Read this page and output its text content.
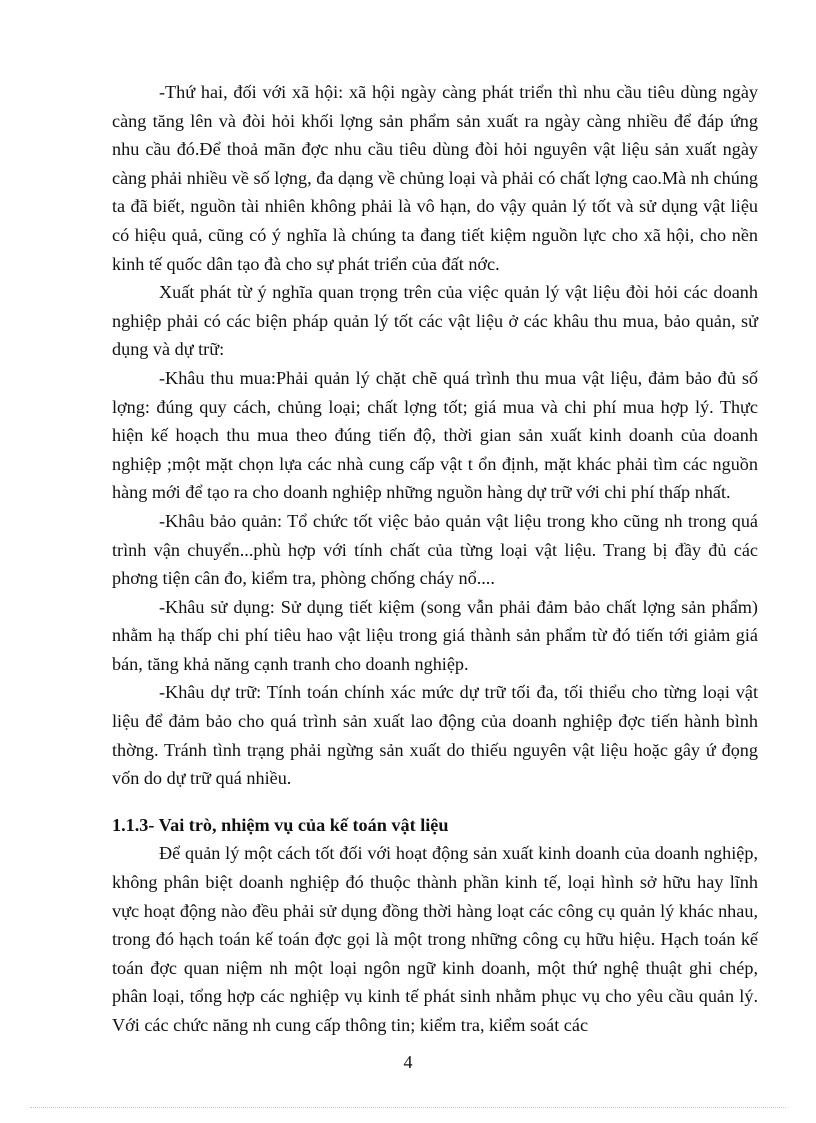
-Thứ hai, đối với xã hội: xã hội ngày càng phát triển thì nhu cầu tiêu dùng ngày càng tăng lên và đòi hỏi khối lợng sản phẩm sản xuất ra ngày càng nhiều để đáp ứng nhu cầu đó.Để thoả mãn đợc nhu cầu tiêu dùng đòi hỏi nguyên vật liệu sản xuất ngày càng phải nhiều về số lợng, đa dạng về chủng loại và phải có chất lợng cao.Mà nh chúng ta đã biết, nguồn tài nhiên không phải là vô hạn, do vậy quản lý tốt và sử dụng vật liệu có hiệu quả, cũng có ý nghĩa là chúng ta đang tiết kiệm nguồn lực cho xã hội, cho nền kinh tế quốc dân tạo đà cho sự phát triển của đất nớc.

Xuất phát từ ý nghĩa quan trọng trên của việc quản lý vật liệu đòi hỏi các doanh nghiệp phải có các biện pháp quản lý tốt các vật liệu ở các khâu thu mua, bảo quản, sử dụng và dự trữ:

-Khâu thu mua:Phải quản lý chặt chẽ quá trình thu mua vật liệu, đảm bảo đủ số lợng: đúng quy cách, chủng loại; chất lợng tốt; giá mua và chi phí mua hợp lý. Thực hiện kế hoạch thu mua theo đúng tiến độ, thời gian sản xuất kinh doanh của doanh nghiệp ;một mặt chọn lựa các nhà cung cấp vật t ổn định, mặt khác phải tìm các nguồn hàng mới để tạo ra cho doanh nghiệp những nguồn hàng dự trữ với chi phí thấp nhất.

-Khâu bảo quản: Tổ chức tốt việc bảo quản vật liệu trong kho cũng nh trong quá trình vận chuyển...phù hợp với tính chất của từng loại vật liệu. Trang bị đầy đủ các phơng tiện cân đo, kiểm tra, phòng chống cháy nổ....

-Khâu sử dụng: Sử dụng tiết kiệm (song vẫn phải đảm bảo chất lợng sản phẩm) nhằm hạ thấp chi phí tiêu hao vật liệu trong giá thành sản phẩm từ đó tiến tới giảm giá bán, tăng khả năng cạnh tranh cho doanh nghiệp.

-Khâu dự trữ: Tính toán chính xác mức dự trữ tối đa, tối thiểu cho từng loại vật liệu để đảm bảo cho quá trình sản xuất lao động của doanh nghiệp đợc tiến hành bình thờng. Tránh tình trạng phải ngừng sản xuất do thiếu nguyên vật liệu hoặc gây ứ đọng vốn do dự trữ quá nhiều.

1.1.3- Vai trò, nhiệm vụ của kế toán vật liệu

Để quản lý một cách tốt đối với hoạt động sản xuất kinh doanh của doanh nghiệp, không phân biệt doanh nghiệp đó thuộc thành phần kinh tế, loại hình sở hữu hay lĩnh vực hoạt động nào đều phải sử dụng đồng thời hàng loạt các công cụ quản lý khác nhau, trong đó hạch toán kế toán đợc gọi là một trong những công cụ hữu hiệu. Hạch toán kế toán đợc quan niệm nh một loại ngôn ngữ kinh doanh, một thứ nghệ thuật ghi chép, phân loại, tổng hợp các nghiệp vụ kinh tế phát sinh nhằm phục vụ cho yêu cầu quản lý. Với các chức năng nh cung cấp thông tin; kiểm tra, kiểm soát các

4
